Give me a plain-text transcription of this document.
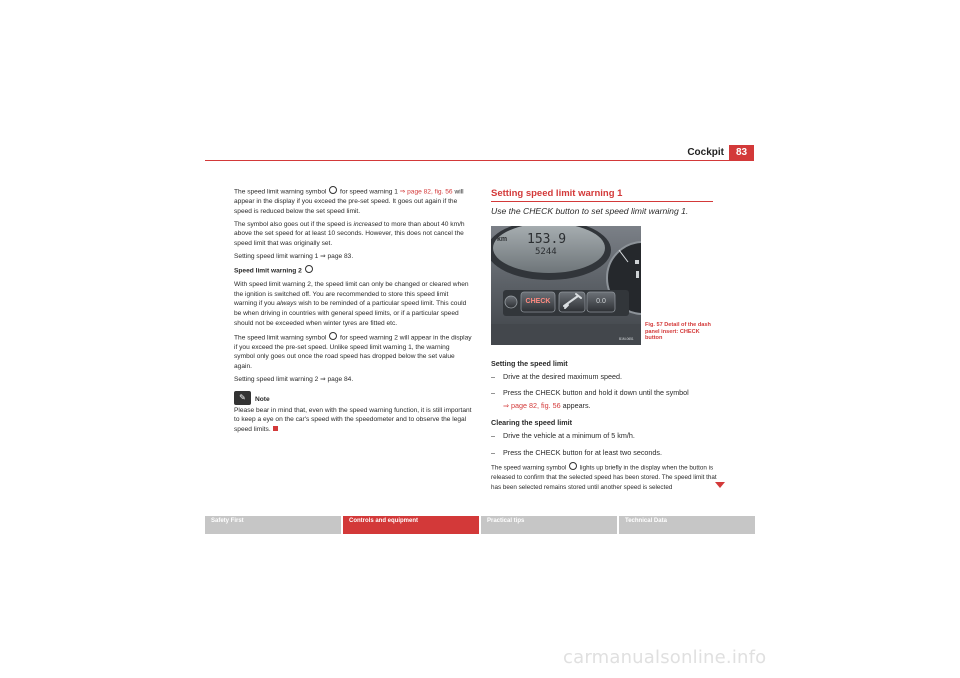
Cockpit	83

The speed limit warning symbol  for speed warning 1 ⇒ page 82, fig. 56 will appear in the display if you exceed the pre-set speed. It goes out again if the speed is reduced below the set speed limit.

The symbol also goes out if the speed is increased to more than about 40 km/h above the set speed for at least 10 seconds. However, this does not cancel the speed limit that was originally set.

Setting speed limit warning 1 ⇒ page 83.

Speed limit warning 2

With speed limit warning 2, the speed limit can only be changed or cleared when the ignition is switched off. You are recommended to store this speed limit warning if you always wish to be reminded of a particular speed limit. This could be when driving in countries with general speed limits, or if a particular speed should not be exceeded when winter tyres are fitted etc.

The speed limit warning symbol  for speed warning 2 will appear in the display if you exceed the pre-set speed. Unlike speed limit warning 1, the warning symbol only goes out once the road speed has dropped below the set value again.

Setting speed limit warning 2 ⇒ page 84.

✎	Note

Please bear in mind that, even with the speed warning function, it is still important to keep a eye on the car's speed with the speedometer and to observe the legal speed limits.

Setting speed limit warning 1
Use the CHECK button to set speed limit warning 1.
km 153.9
5244
CHECK	0.0
B1M-0651
Fig. 57 Detail of the dash panel insert: CHECK button
Setting the speed limit
– Drive at the desired maximum speed.
– Press the CHECK button and hold it down until the symbol
⇒ page 82, fig. 56 appears.
Clearing the speed limit
– Drive the vehicle at a minimum of 5 km/h.
– Press the CHECK button for at least two seconds.
The speed warning symbol  lights up briefly in the display when the button is released to confirm that the selected speed has been stored. The speed limit that has been selected remains stored until another speed is selected
Safety First	Controls and equipment	Practical tips	Technical Data
carmanualsonline.info
